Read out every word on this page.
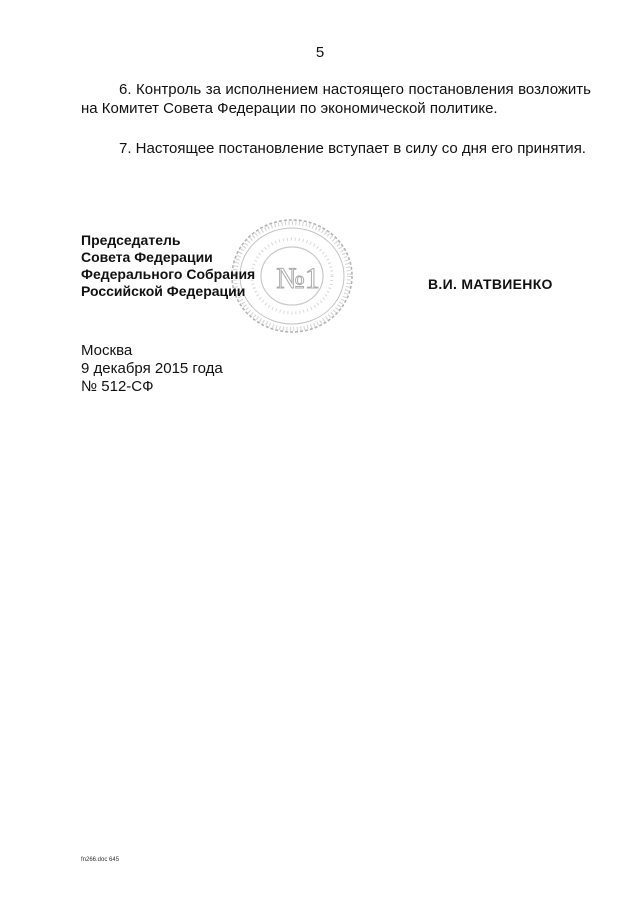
5
6. Контроль за исполнением настоящего постановления возложить на Комитет Совета Федерации по экономической политике.
7. Настоящее постановление вступает в силу со дня его принятия.
№1
Председатель
Совета Федерации
Федерального Собрания
Российской Федерации	В.И. МАТВИЕНКО
Москва
9 декабря 2015 года
№ 512-СФ
fn266.doc 645
